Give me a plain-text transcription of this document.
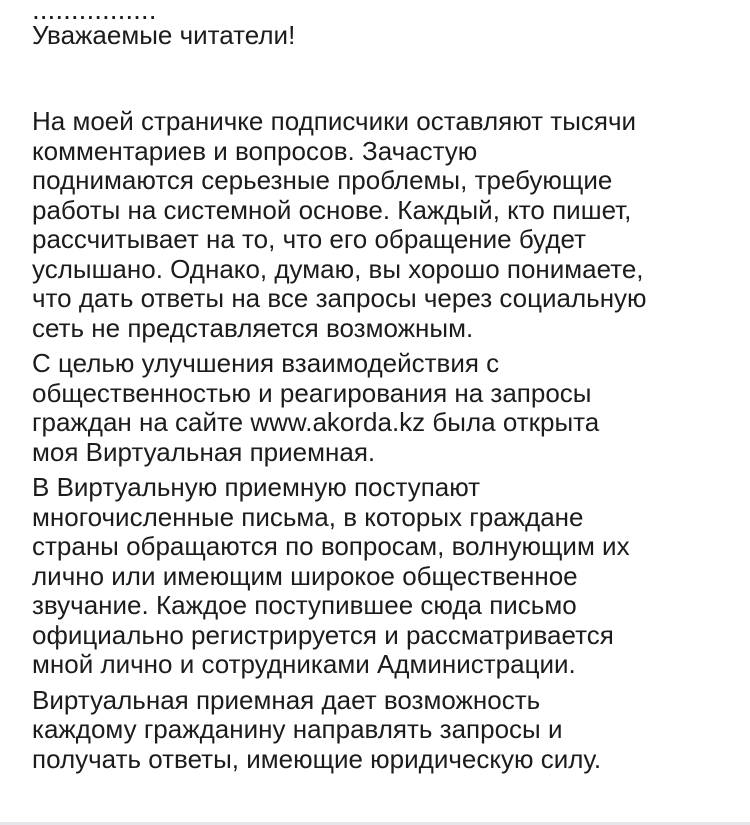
................
Уважаемые читатели!
На моей страничке подписчики оставляют тысячи
комментариев и вопросов. Зачастую
поднимаются серьезные проблемы, требующие
работы на системной основе. Каждый, кто пишет,
рассчитывает на то, что его обращение будет
услышано. Однако, думаю, вы хорошо понимаете,
что дать ответы на все запросы через социальную
сеть не представляется возможным.
С целью улучшения взаимодействия с
общественностью и реагирования на запросы
граждан на сайте www.akorda.kz была открыта
моя Виртуальная приемная.
В Виртуальную приемную поступают
многочисленные письма, в которых граждане
страны обращаются по вопросам, волнующим их
лично или имеющим широкое общественное
звучание. Каждое поступившее сюда письмо
официально регистрируется и рассматривается
мной лично и сотрудниками Администрации.
Виртуальная приемная дает возможность
каждому гражданину направлять запросы и
получать ответы, имеющие юридическую силу.
